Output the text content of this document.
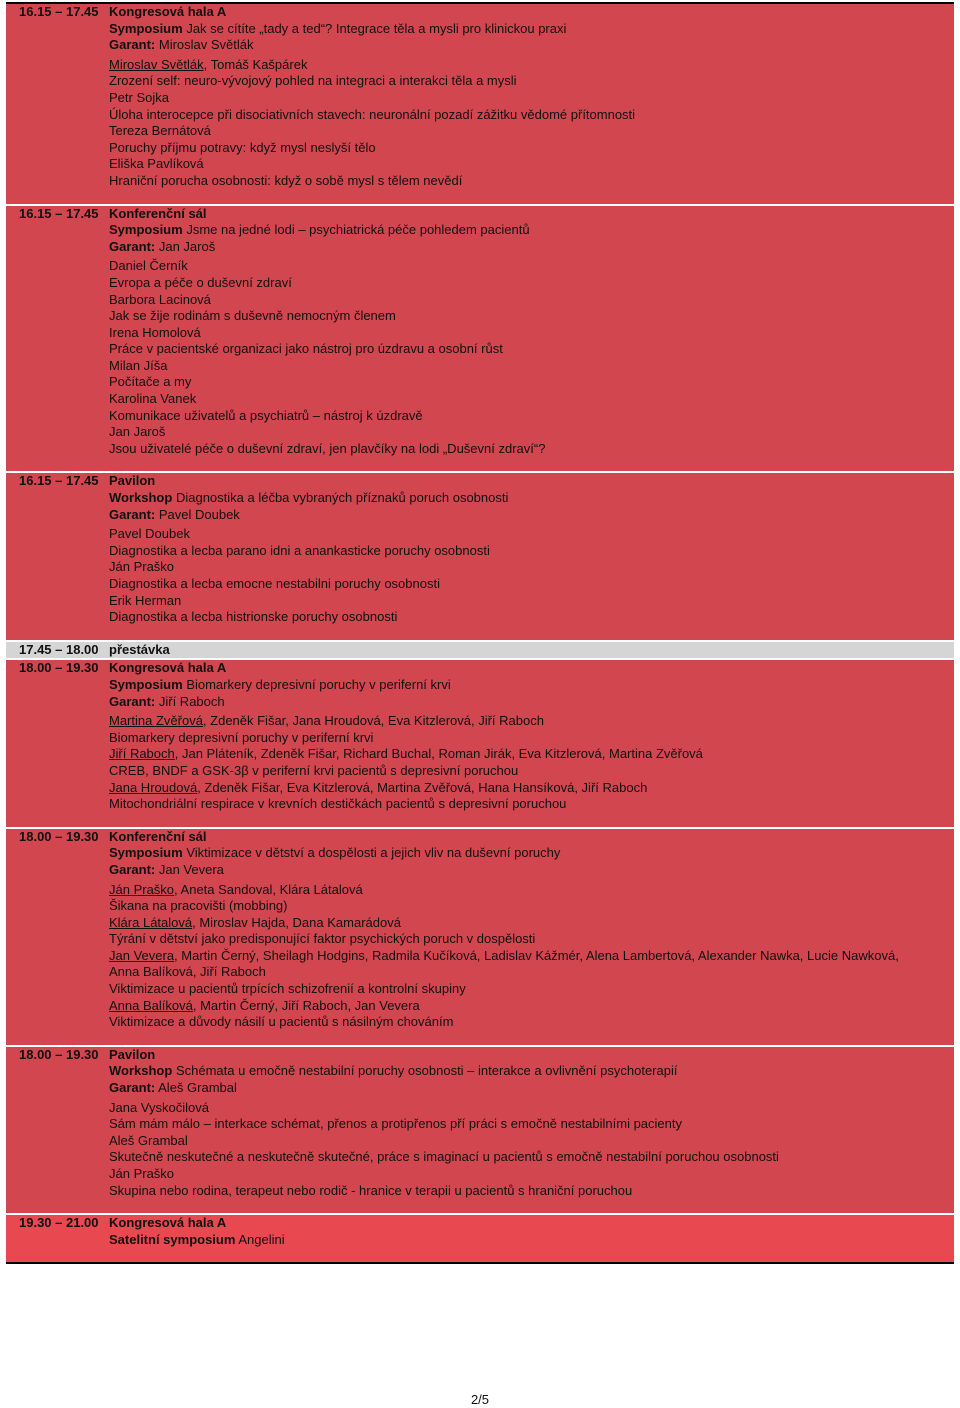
16.15 – 17.45 Kongresová hala A
Symposium Jak se cítíte „tady a ted“? Integrace těla a mysli pro klinickou praxi
Garant: Miroslav Světlák
Miroslav Světlák, Tomáš Kašpárek
Zrození self: neuro-vývojový pohled na integraci a interakci těla a mysli
Petr Sojka
Úloha interocepce při disociativních stavech: neuronální pozadí zážitku vědomé přítomnosti
Tereza Bernátová
Poruchy příjmu potravy: když mysl neslyší tělo
Eliška Pavlíková
Hraniční porucha osobnosti: když o sobě mysl s tělem nevědí
16.15 – 17.45 Konferenční sál
Symposium Jsme na jedné lodi – psychiatrická péče pohledem pacientů
Garant: Jan Jaroš
Daniel Černík
Evropa a péče o duševní zdraví
Barbora Lacinová
Jak se žije rodinám s duševně nemocným členem
Irena Homolová
Práce v pacientské organizaci jako nástroj pro úzdravu a osobní růst
Milan Jíša
Počítače a my
Karolina Vanek
Komunikace uživatelů a psychiatrů – nástroj k úzdravě
Jan Jaroš
Jsou uživatelé péče o duševní zdraví, jen plavčíky na lodi „Duševní zdraví“?
16.15 – 17.45 Pavilon
Workshop Diagnostika a léčba vybraných příznaků poruch osobnosti
Garant: Pavel Doubek
Pavel Doubek
Diagnostika a lecba parano idni a anankasticke poruchy osobnosti
Ján Praško
Diagnostika a lecba emocne nestabilni poruchy osobnosti
Erik Herman
Diagnostika a lecba histrionske poruchy osobnosti
17.45 – 18.00 přestávka
18.00 – 19.30 Kongresová hala A
Symposium Biomarkery depresivní poruchy v periferní krvi
Garant: Jiří Raboch
Martina Zvěřová, Zdeněk Fišar, Jana Hroudová, Eva Kitzlerová, Jiří Raboch
Biomarkery depresivní poruchy v periferní krvi
Jiří Raboch, Jan Pláteník, Zdeněk Fišar, Richard Buchal, Roman Jirák, Eva Kitzlerová, Martina Zvěřová
CREB, BNDF a GSK-3β v periferní krvi pacientů s depresivní poruchou
Jana Hroudová, Zdeněk Fišar, Eva Kitzlerová, Martina Zvěřová, Hana Hansíková, Jiří Raboch
Mitochondriální respirace v krevních destičkách pacientů s depresivní poruchou
18.00 – 19.30 Konferenční sál
Symposium Viktimizace v dětství a dospělosti a jejich vliv na duševní poruchy
Garant: Jan Vevera
Ján Praško, Aneta Sandoval, Klára Látalová
Šikana na pracovišti (mobbing)
Klára Látalová, Miroslav Hajda, Dana Kamarádová
Týrání v dětství jako predisponující faktor psychických poruch v dospělosti
Jan Vevera, Martin Černý, Sheilagh Hodgins, Radmila Kučíková, Ladislav Kážmér, Alena Lambertová, Alexander Nawka, Lucie Nawková,
Anna Balíková, Jiří Raboch
Viktimizace u pacientů trpících schizofrenií a kontrolní skupiny
Anna Balíková, Martin Černý, Jiří Raboch, Jan Vevera
Viktimizace a důvody násilí u pacientů s násilným chováním
18.00 – 19.30 Pavilon
Workshop Schémata u emočně nestabilní poruchy osobnosti – interakce a ovlivnění psychoterapií
Garant: Aleš Grambal
Jana Vyskočilová
Sám mám málo – interkace schémat, přenos a protipřenos pří práci s emočně nestabilními pacienty
Aleš Grambal
Skutečně neskutečné a neskutečně skutečné, práce s imaginací u pacientů s emočně nestabilní poruchou osobnosti
Ján Praško
Skupina nebo rodina, terapeut nebo rodič - hranice v terapii u pacientů s hraniční poruchou
19.30 – 21.00 Kongresová hala A
Satelitní symposium Angelini
2/5
